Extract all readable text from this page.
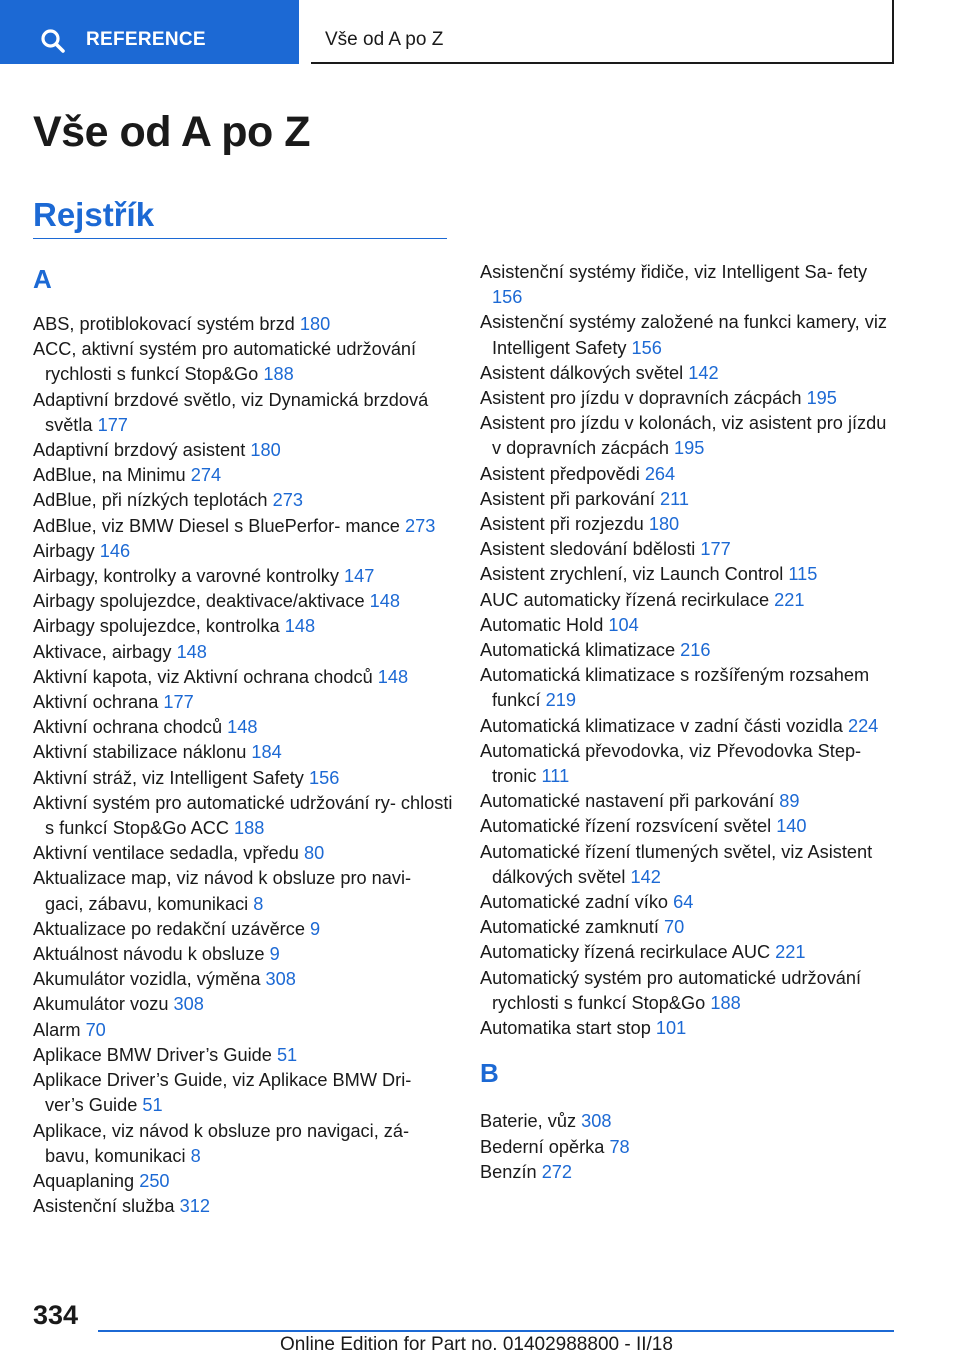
REFERENCE	Vše od A po Z
Vše od A po Z
Rejstřík
A
ABS, protiblokovací systém brzd 180
ACC, aktivní systém pro automatické udržování rychlosti s funkcí Stop&Go 188
Adaptivní brzdové světlo, viz Dynamická brzdová světla 177
Adaptivní brzdový asistent 180
AdBlue, na Minimu 274
AdBlue, při nízkých teplotách 273
AdBlue, viz BMW Diesel s BluePerfor‐ mance 273
Airbagy 146
Airbagy, kontrolky a varovné kontrolky 147
Airbagy spolujezdce, deaktivace/aktivace 148
Airbagy spolujezdce, kontrolka 148
Aktivace, airbagy 148
Aktivní kapota, viz Aktivní ochrana chodců 148
Aktivní ochrana 177
Aktivní ochrana chodců 148
Aktivní stabilizace náklonu 184
Aktivní stráž, viz Intelligent Safety 156
Aktivní systém pro automatické udržování ry‐ chlosti s funkcí Stop&Go ACC 188
Aktivní ventilace sedadla, vpředu 80
Aktualizace map, viz návod k obsluze pro navi‐ gaci, zábavu, komunikaci 8
Aktualizace po redakční uzávěrce 9
Aktuálnost návodu k obsluze 9
Akumulátor vozidla, výměna 308
Akumulátor vozu 308
Alarm 70
Aplikace BMW Driver’s Guide 51
Aplikace Driver’s Guide, viz Aplikace BMW Dri‐ ver’s Guide 51
Aplikace, viz návod k obsluze pro navigaci, zá‐ bavu, komunikaci 8
Aquaplaning 250
Asistenční služba 312
Asistenční systémy řidiče, viz Intelligent Sa‐ fety 156
Asistenční systémy založené na funkci kamery, viz Intelligent Safety 156
Asistent dálkových světel 142
Asistent pro jízdu v dopravních zácpách 195
Asistent pro jízdu v kolonách, viz asistent pro jízdu v dopravních zácpách 195
Asistent předpovědi 264
Asistent při parkování 211
Asistent při rozjezdu 180
Asistent sledování bdělosti 177
Asistent zrychlení, viz Launch Control 115
AUC automaticky řízená recirkulace 221
Automatic Hold 104
Automatická klimatizace 216
Automatická klimatizace s rozšířeným rozsahem funkcí 219
Automatická klimatizace v zadní části vozidla 224
Automatická převodovka, viz Převodovka Step‐ tronic 111
Automatické nastavení při parkování 89
Automatické řízení rozsvícení světel 140
Automatické řízení tlumených světel, viz Asistent dálkových světel 142
Automatické zadní víko 64
Automatické zamknutí 70
Automaticky řízená recirkulace AUC 221
Automatický systém pro automatické udržování rychlosti s funkcí Stop&Go 188
Automatika start stop 101
B
Baterie, vůz 308
Bederní opěrka 78
Benzín 272
334
Online Edition for Part no. 01402988800 - II/18
